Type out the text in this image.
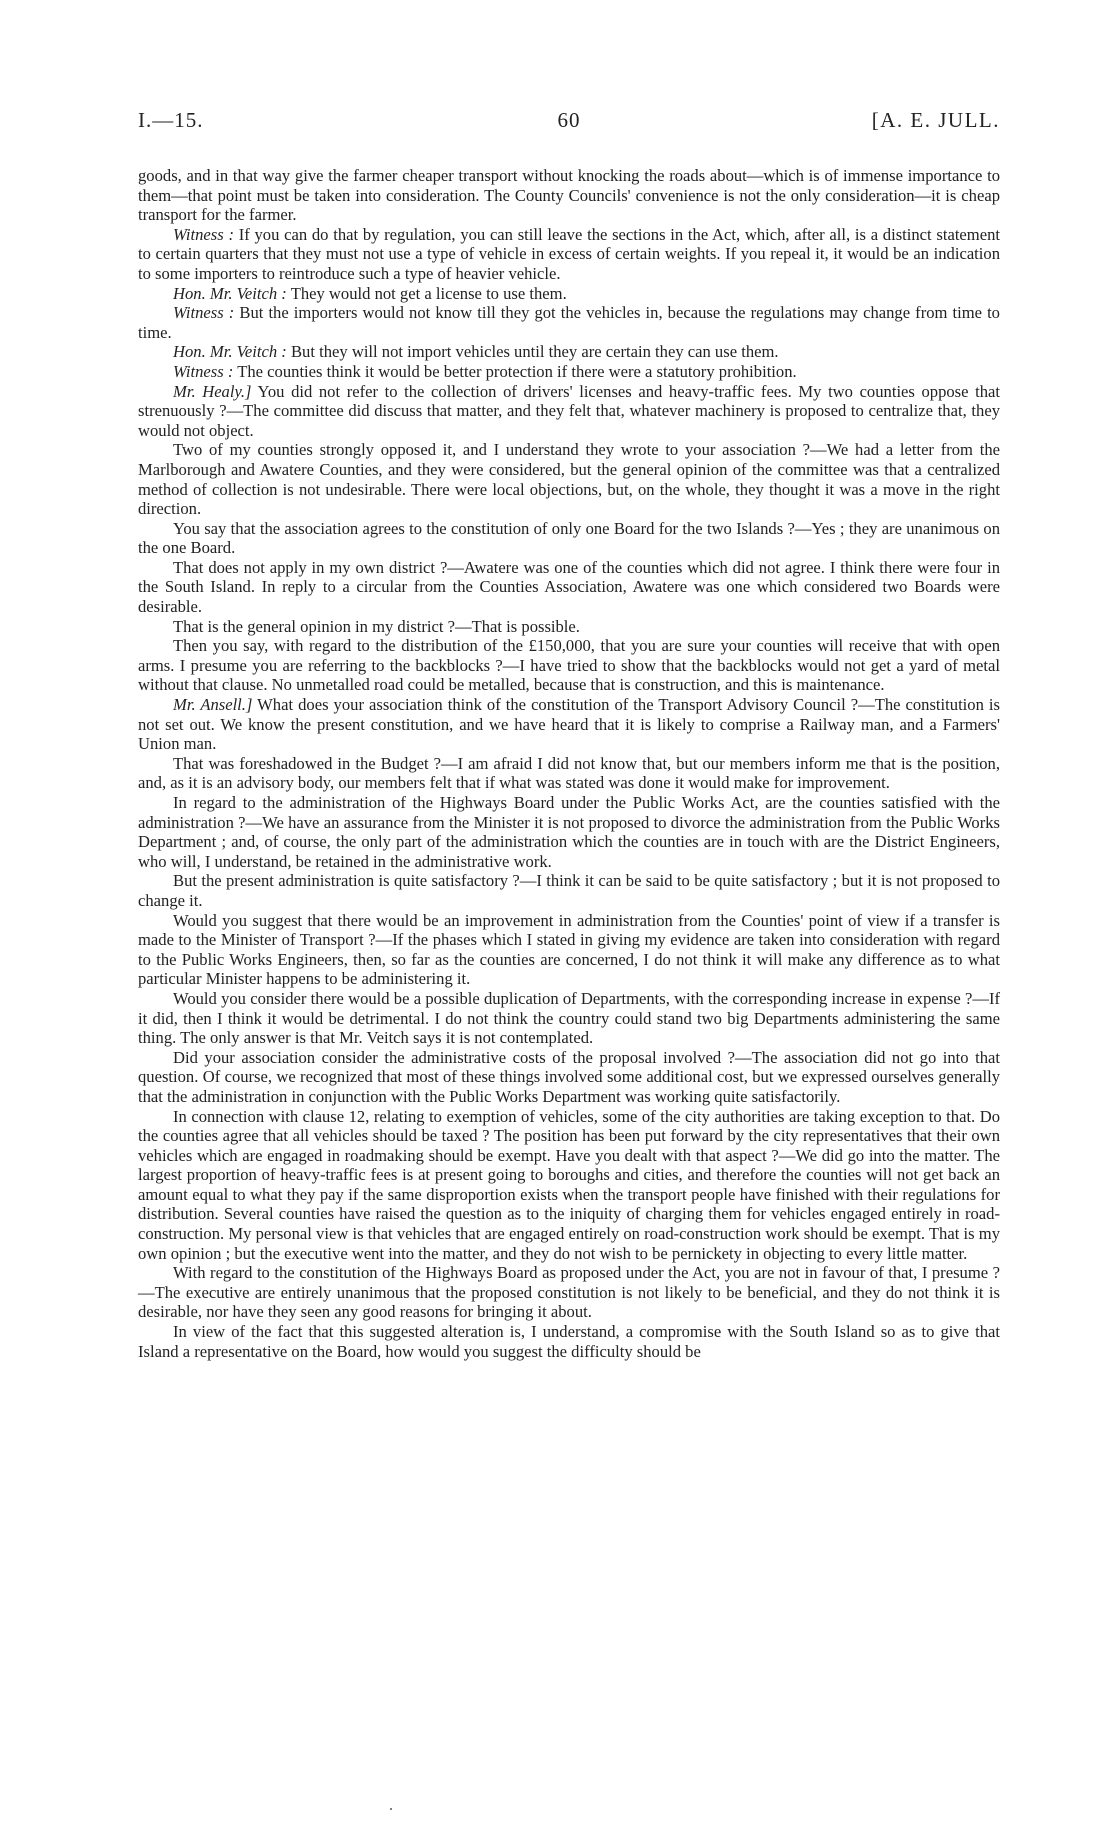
I.—15.	60	[A. E. JULL.

goods, and in that way give the farmer cheaper transport without knocking the roads about—which is of immense importance to them—that point must be taken into consideration. The County Councils' convenience is not the only consideration—it is cheap transport for the farmer.

Witness : If you can do that by regulation, you can still leave the sections in the Act, which, after all, is a distinct statement to certain quarters that they must not use a type of vehicle in excess of certain weights. If you repeal it, it would be an indication to some importers to reintroduce such a type of heavier vehicle.

Hon. Mr. Veitch : They would not get a license to use them.

Witness : But the importers would not know till they got the vehicles in, because the regulations may change from time to time.

Hon. Mr. Veitch : But they will not import vehicles until they are certain they can use them.

Witness : The counties think it would be better protection if there were a statutory prohibition.

Mr. Healy.] You did not refer to the collection of drivers' licenses and heavy-traffic fees. My two counties oppose that strenuously ?—The committee did discuss that matter, and they felt that, whatever machinery is proposed to centralize that, they would not object.

Two of my counties strongly opposed it, and I understand they wrote to your association ?—We had a letter from the Marlborough and Awatere Counties, and they were considered, but the general opinion of the committee was that a centralized method of collection is not undesirable. There were local objections, but, on the whole, they thought it was a move in the right direction.

You say that the association agrees to the constitution of only one Board for the two Islands ?—Yes ; they are unanimous on the one Board.

That does not apply in my own district ?—Awatere was one of the counties which did not agree. I think there were four in the South Island. In reply to a circular from the Counties Association, Awatere was one which considered two Boards were desirable.

That is the general opinion in my district ?—That is possible.

Then you say, with regard to the distribution of the £150,000, that you are sure your counties will receive that with open arms. I presume you are referring to the backblocks ?—I have tried to show that the backblocks would not get a yard of metal without that clause. No unmetalled road could be metalled, because that is construction, and this is maintenance.

Mr. Ansell.] What does your association think of the constitution of the Transport Advisory Council ?—The constitution is not set out. We know the present constitution, and we have heard that it is likely to comprise a Railway man, and a Farmers' Union man.

That was foreshadowed in the Budget ?—I am afraid I did not know that, but our members inform me that is the position, and, as it is an advisory body, our members felt that if what was stated was done it would make for improvement.

In regard to the administration of the Highways Board under the Public Works Act, are the counties satisfied with the administration ?—We have an assurance from the Minister it is not proposed to divorce the administration from the Public Works Department ; and, of course, the only part of the administration which the counties are in touch with are the District Engineers, who will, I understand, be retained in the administrative work.

But the present administration is quite satisfactory ?—I think it can be said to be quite satisfactory ; but it is not proposed to change it.

Would you suggest that there would be an improvement in administration from the Counties' point of view if a transfer is made to the Minister of Transport ?—If the phases which I stated in giving my evidence are taken into consideration with regard to the Public Works Engineers, then, so far as the counties are concerned, I do not think it will make any difference as to what particular Minister happens to be administering it.

Would you consider there would be a possible duplication of Departments, with the corresponding increase in expense ?—If it did, then I think it would be detrimental. I do not think the country could stand two big Departments administering the same thing. The only answer is that Mr. Veitch says it is not contemplated.

Did your association consider the administrative costs of the proposal involved ?—The association did not go into that question. Of course, we recognized that most of these things involved some additional cost, but we expressed ourselves generally that the administration in conjunction with the Public Works Department was working quite satisfactorily.

In connection with clause 12, relating to exemption of vehicles, some of the city authorities are taking exception to that. Do the counties agree that all vehicles should be taxed ? The position has been put forward by the city representatives that their own vehicles which are engaged in roadmaking should be exempt. Have you dealt with that aspect ?—We did go into the matter. The largest proportion of heavy-traffic fees is at present going to boroughs and cities, and therefore the counties will not get back an amount equal to what they pay if the same disproportion exists when the transport people have finished with their regulations for distribution. Several counties have raised the question as to the iniquity of charging them for vehicles engaged entirely in road-construction. My personal view is that vehicles that are engaged entirely on road-construction work should be exempt. That is my own opinion ; but the executive went into the matter, and they do not wish to be pernickety in objecting to every little matter.

With regard to the constitution of the Highways Board as proposed under the Act, you are not in favour of that, I presume ?—The executive are entirely unanimous that the proposed constitution is not likely to be beneficial, and they do not think it is desirable, nor have they seen any good reasons for bringing it about.

In view of the fact that this suggested alteration is, I understand, a compromise with the South Island so as to give that Island a representative on the Board, how would you suggest the difficulty should be
